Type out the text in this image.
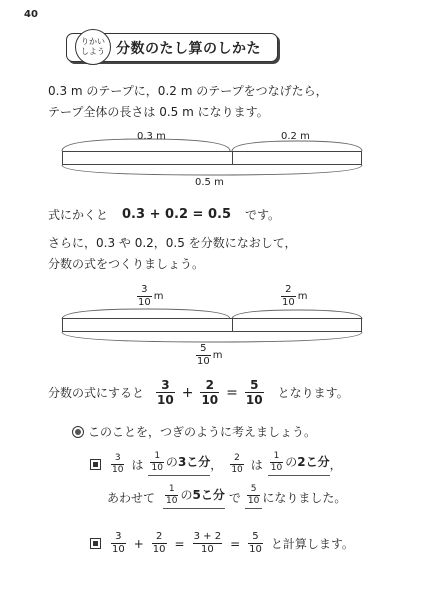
40
りかい
しよう 分数のたし算のしかた
0.3 m のテープに，0.2 m のテープをつなげたら，
テープ全体の長さは 0.5 m になります。
0.3 m	0.2 m
0.5 m
式にかくと 0.3 + 0.2 = 0.5 です。
さらに，0.3 や 0.2，0.5 を分数になおして，
分数の式をつくりましょう。
$\frac{3}{10}$ m	$\frac{2}{10}$ m
$\frac{5}{10}$ m
分数の式にすると $\frac{3}{10} + \frac{2}{10} = \frac{5}{10}$ となります。
このことを，つぎのように考えましょう。
$\frac{3}{10}$ は $\frac{1}{10}$ の3こ分 ， $\frac{2}{10}$ は $\frac{1}{10}$ の2こ分 ，
あわせて $\frac{1}{10}$ の5こ分 で $\frac{5}{10}$ になりました。
$\frac{3}{10} + \frac{2}{10} = \frac{3 + 2}{10} = \frac{5}{10}$ と計算します。
